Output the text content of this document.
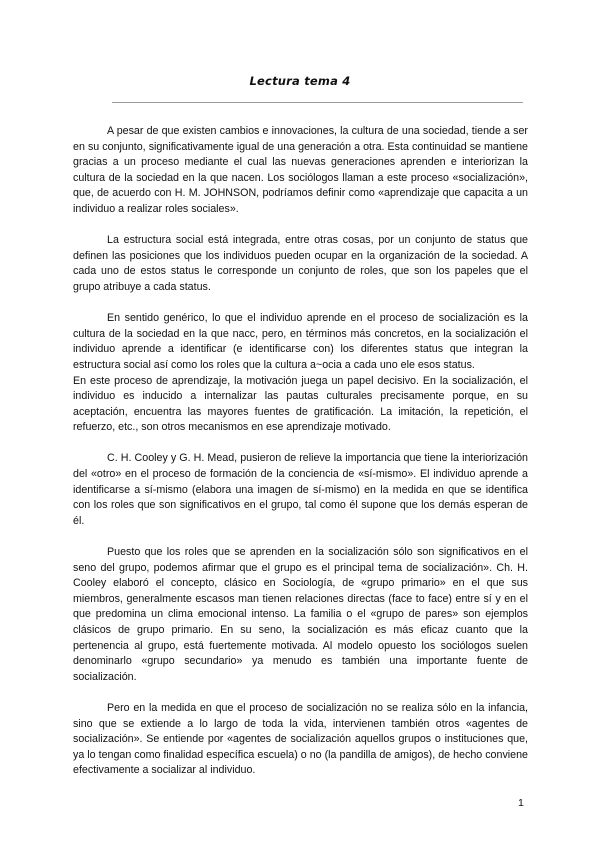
Lectura tema 4

A pesar de que existen cambios e innovaciones, la cultura de una sociedad, tiende a ser en su conjunto, significativamente igual de una generación a otra. Esta continuidad se mantiene gracias a un proceso mediante el cual las nuevas generaciones aprenden e interiorizan la cultura de la sociedad en la que nacen. Los sociólogos llaman a este proceso «socialización», que, de acuerdo con H. M. JOHNSON, podríamos definir como «aprendizaje que capacita a un individuo a realizar roles sociales».

La estructura social está integrada, entre otras cosas, por un conjunto de status que definen las posiciones que los individuos pueden ocupar en la organización de la sociedad. A cada uno de estos status le corresponde un conjunto de roles, que son los papeles que el grupo atribuye a cada status.

En sentido genérico, lo que el individuo aprende en el proceso de socialización es la cultura de la sociedad en la que nacc, pero, en términos más concretos, en la socialización el individuo aprende a identificar (e identificarse con) los diferentes status que integran la estructura social así como los roles que la cultura a~ocia a cada uno ele esos status.

En este proceso de aprendizaje, la motivación juega un papel decisivo. En la socialización, el individuo es inducido a internalizar las pautas culturales precisamente porque, en su aceptación, encuentra las mayores fuentes de gratificación. La imitación, la repetición, el refuerzo, etc., son otros mecanismos en ese aprendizaje motivado.

C. H. Cooley y G. H. Mead, pusieron de relieve la importancia que tiene la interiorización del «otro» en el proceso de formación de la conciencia de «sí-mismo». El individuo aprende a identificarse a sí-mismo (elabora una imagen de sí-mismo) en la medida en que se identifica con los roles que son significativos en el grupo, tal como él supone que los demás esperan de él.

Puesto que los roles que se aprenden en la socialización sólo son significativos en el seno del grupo, podemos afirmar que el grupo es el principal tema de socialización». Ch. H. Cooley elaboró el concepto, clásico en Sociología, de «grupo primario» en el que sus miembros, generalmente escasos man tienen relaciones directas (face to face) entre sí y en el que predomina un clima emocional intenso. La familia o el «grupo de pares» son ejemplos clásicos de grupo primario. En su seno, la socialización es más eficaz cuanto que la pertenencia al grupo, está fuertemente motivada. Al modelo opuesto los sociólogos suelen denominarlo «grupo secundario» ya menudo es también una importante fuente de socialización.

Pero en la medida en que el proceso de socialización no se realiza sólo en la infancia, sino que se extiende a lo largo de toda la vida, intervienen también otros «agentes de socialización». Se entiende por «agentes de socialización aquellos grupos o instituciones que, ya lo tengan como finalidad específica escuela) o no (la pandilla de amigos), de hecho conviene efectivamente a socializar al individuo.

1
